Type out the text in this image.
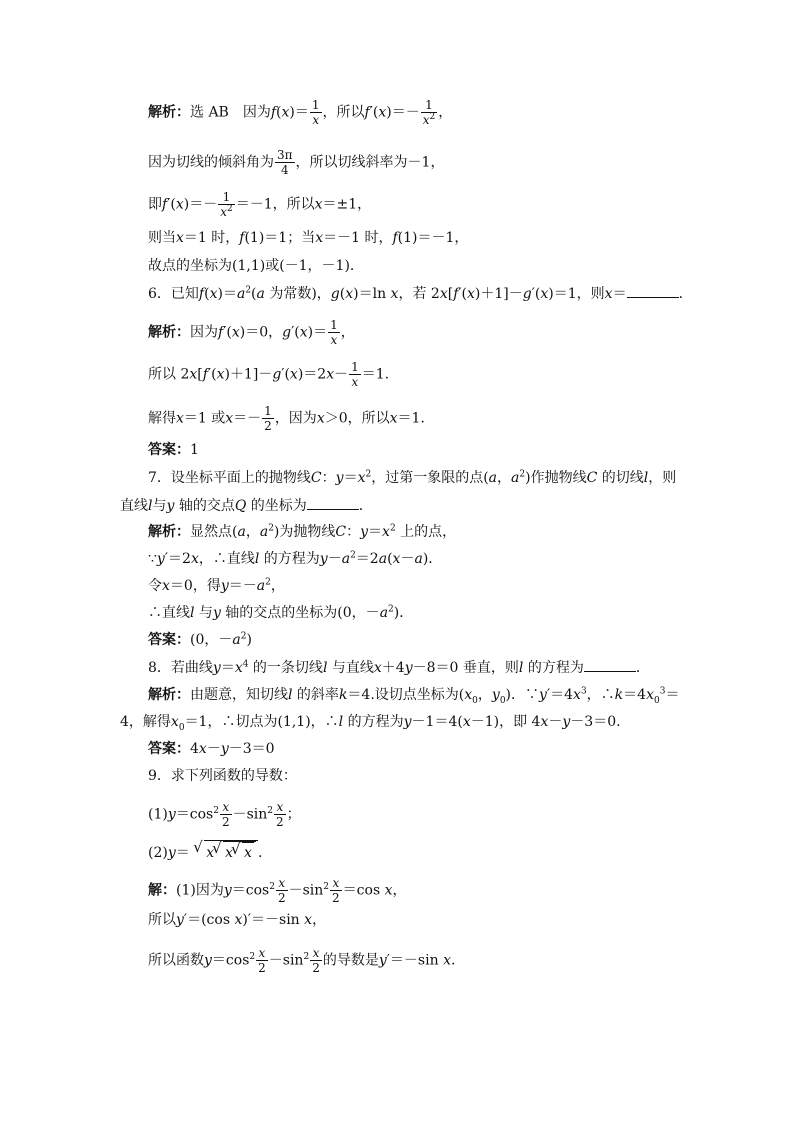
解析：选 AB　因为$f(x)= \frac{1}{x}$ ，所以$f'(x)=- \frac{1}{x^2}$ ，
因为切线的倾斜角为 $\frac{3\pi}{4}$ ，所以切线斜率为－1，
即$f'(x)=- \frac{1}{x^2} =-1$，所以x＝±1，
则当x＝1 时，f(1)＝1；当x＝－1 时，f(1)＝－1，
故点的坐标为(1,1)或(－1，－1)．
6．已知$f(x)=a^2(a$ 为常数)，g(x)＝ln x，若 2x[f′(x)＋1]－g′(x)＝1，则x＝	.
解析：因为f′(x)＝0，$g'(x)= \frac{1}{x}$ ，
所以 $2x[f'(x)+1]-g'(x)=2x- \frac{1}{x} =1$.
解得x＝1 或$x=- \frac{1}{2}$ ，因为x＞0，所以x＝1.
答案：1
7．设坐标平面上的抛物线C：$y=x^2$，过第一象限的点(a，$a^2$)作抛物线C 的切线l，则
直线l与y 轴的交点Q 的坐标为	．
解析：显然点(a，$a^2$)为抛物线C：$y=x^2$ 上的点，
∵y′＝2x，∴直线l 的方程为$y-a^2=2a(x-a)$．
令x＝0，得$y=-a^2$，
∴直线l 与y 轴的交点的坐标为(0，$-a^2$)．
答案：(0，$-a^2$)
8．若曲线$y=x^4$ 的一条切线l 与直线x＋4y－8＝0 垂直，则l 的方程为	．
解析：由题意，知切线l 的斜率k＝4.设切点坐标为($x_0$，$y_0$)．$\because y'=4x^3$，$\therefore k=4x_0^3=$
4，解得$x_0=1$，∴切点为(1,1)，∴l 的方程为y－1＝4(x－1)，即 4x－y－3＝0.
答案：4x－y－3＝0
9．求下列函数的导数：
$(1)y=\cos^2 \frac{x}{2} -\sin^2 \frac{x}{2}$ ；
(2)y＝ √ x √ x √ x .
解：(1)因为$y=\cos^2 \frac{x}{2} -\sin^2 \frac{x}{2} =\cos$ x，
所以y′＝(cos x)′＝－sin x，
所以函数$y=\cos^2 \frac{x}{2} -\sin^2 \frac{x}{2}$ 的导数是y′＝－sin x.
